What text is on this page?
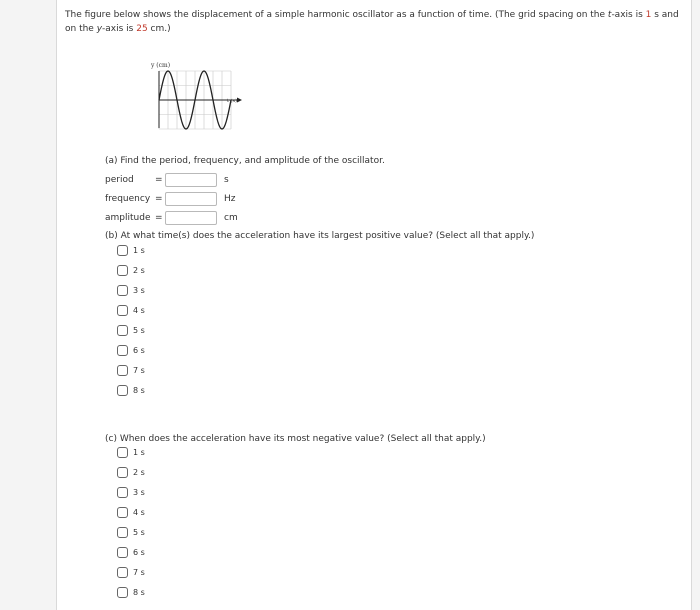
The figure below shows the displacement of a simple harmonic oscillator as a function of time. (The grid spacing on the t-axis is 1 s and on the y-axis is 25 cm.)
y (cm)
t (s)
(a) Find the period, frequency, and amplitude of the oscillator.
period =	s
frequency =	Hz
amplitude =	cm
(b) At what time(s) does the acceleration have its largest positive value? (Select all that apply.)
1 s
2 s
3 s
4 s
5 s
6 s
7 s
8 s
(c) When does the acceleration have its most negative value? (Select all that apply.)
1 s
2 s
3 s
4 s
5 s
6 s
7 s
8 s
